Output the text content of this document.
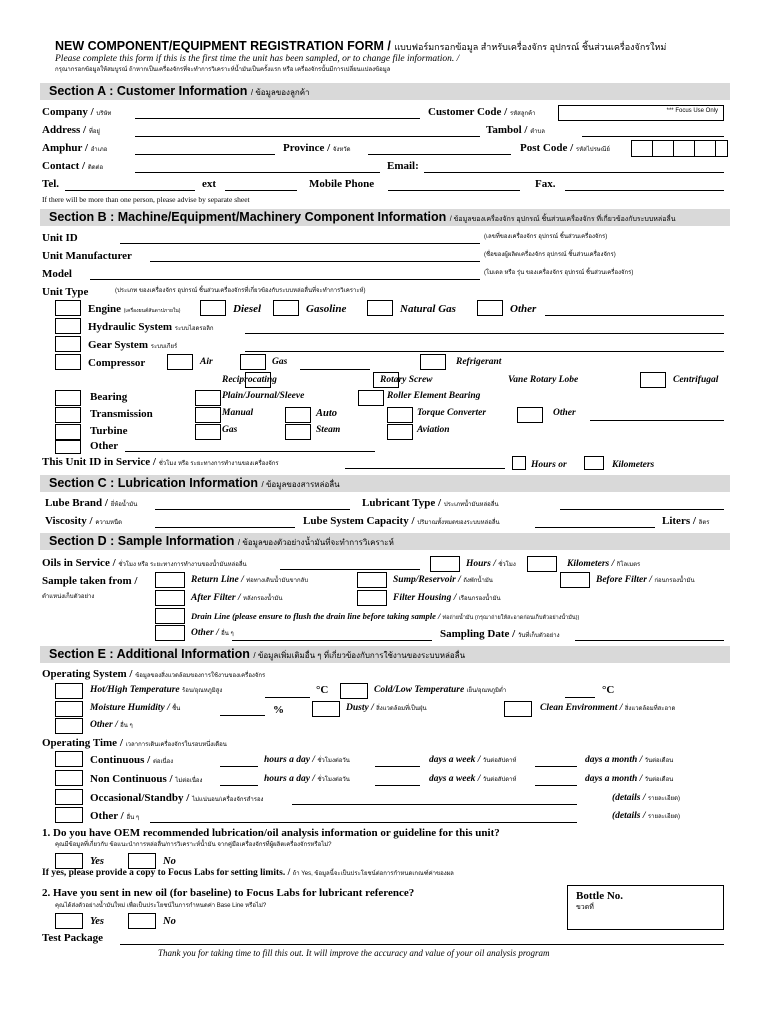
NEW COMPONENT/EQUIPMENT REGISTRATION FORM / แบบฟอร์มกรอกข้อมูล สำหรับเครื่องจักร อุปกรณ์ ชิ้นส่วนเครื่องจักรใหม่
Please complete this form if this is the first time the unit has been sampled, or to change file information. /
กรุณากรอกข้อมูลให้สมบูรณ์ ถ้าหากเป็นเครื่องจักรที่จะทำการวิเคราะห์น้ำมันเป็นครั้งแรก หรือ เครื่องจักรนั้นมีการเปลี่ยนแปลงข้อมูล
Section A : Customer Information / ข้อมูลของลูกค้า
Company / บริษัท	Customer Code / รหัสลูกค้า	*** Focus Use Only
Address / ที่อยู่	Tambol / ตำบล
Amphur / อำเภอ	Province / จังหวัด	Post Code / รหัสไปรษณีย์
Contact / ติดต่อ	Email:
Tel.	ext	Mobile Phone	Fax.
If there will be more than one person, please advise by separate sheet
Section B : Machine/Equipment/Machinery Component Information / ข้อมูลของเครื่องจักร อุปกรณ์ ชิ้นส่วนเครื่องจักร ที่เกี่ยวข้องกับระบบหล่อลื่น
Unit ID	(เลขที่ของเครื่องจักร อุปกรณ์ ชิ้นส่วนเครื่องจักร)
Unit Manufacturer	(ชื่อของผู้ผลิตเครื่องจักร อุปกรณ์ ชิ้นส่วนเครื่องจักร)
Model	(โมเดล หรือ รุ่น ของเครื่องจักร อุปกรณ์ ชิ้นส่วนเครื่องจักร)
Unit Type	(ประเภท ของเครื่องจักร อุปกรณ์ ชิ้นส่วนเครื่องจักรที่เกี่ยวข้องกับระบบหล่อลื่นที่จะทำการวิเคราะห์)
Engine (เครื่องยนต์สันดาปภายใน)	Diesel	Gasoline	Natural Gas	Other
Hydraulic System ระบบไฮดรอลิก
Gear System ระบบเกียร์
Compressor	Air	Gas	Refrigerant
Reciprocating	Rotary Screw	Vane Rotary Lobe	Centrifugal
Bearing	Plain/Journal/Sleeve	Roller Element Bearing
Transmission	Manual	Auto	Torque Converter	Other
Turbine	Gas	Steam	Aviation
Other
This Unit ID in Service / ชั่วโมง หรือ ระยะทางการทำงานของเครื่องจักร	Hours or	Kilometers
Section C : Lubrication Information / ข้อมูลของสารหล่อลื่น
Lube Brand / ยี่ห้อน้ำมัน	Lubricant Type / ประเภทน้ำมันหล่อลื่น
Viscosity / ความหนืด	Lube System Capacity / ปริมาณทั้งหมดของระบบหล่อลื่น	Liters / ลิตร
Section D : Sample Information / ข้อมูลของตัวอย่างน้ำมันที่จะทำการวิเคราะห์
Oils in Service / ชั่วโมง หรือ ระยะทางการทำงานของน้ำมันหล่อลื่น	Hours / ชั่วโมง	Kilometers / กิโลเมตร
Sample taken from /
ตำแหน่งเก็บตัวอย่าง
Return Line / ท่อทางเดินน้ำมันขากลับ	Sump/Reservoir / ถังพักน้ำมัน	Before Filter / ก่อนกรองน้ำมัน
After Filter / หลังกรองน้ำมัน	Filter Housing / เรือนกรองน้ำมัน
Drain Line (please ensure to flush the drain line before taking sample / ท่อถ่ายน้ำมัน (กรุณาถ่ายให้สะอาดก่อนเก็บตัวอย่างน้ำมัน))
Other / อื่น ๆ	Sampling Date / วันที่เก็บตัวอย่าง
Section E : Additional Information / ข้อมูลเพิ่มเติมอื่น ๆ ที่เกี่ยวข้องกับการใช้งานของระบบหล่อลื่น
Operating System / ข้อมูลของสิ่งแวดล้อมของการใช้งานของเครื่องจักร
Hot/High Temperature ร้อน/อุณหภูมิสูง	°C	Cold/Low Temperature เย็น/อุณหภูมิต่ำ	°C
Moisture Humidity / ชื้น	%	Dusty / สิ่งแวดล้อมที่เป็นฝุ่น	Clean Environment / สิ่งแวดล้อมที่สะอาด
Other / อื่น ๆ
Operating Time / เวลาการเดินเครื่องจักรในรอบหนึ่งเดือน
Continuous / ต่อเนื่อง	hours a day / ชั่วโมงต่อวัน	days a week / วันต่อสัปดาห์	days a month / วันต่อเดือน
Non Continuous / ไม่ต่อเนื่อง	hours a day / ชั่วโมงต่อวัน	days a week / วันต่อสัปดาห์	days a month / วันต่อเดือน
Occasional/Standby / ไม่แน่นอน/เครื่องจักรสำรอง	(details / รายละเอียด)
Other / อื่น ๆ	(details / รายละเอียด)
1. Do you have OEM recommended lubrication/oil analysis information or guideline for this unit?
คุณมีข้อมูลที่เกี่ยวกับ ข้อแนะนำการหล่อลื่น/การวิเคราะห์น้ำมัน จากคู่มือเครื่องจักรที่ผู้ผลิตเครื่องจักรหรือไม่?
Yes	No
If yes, please provide a copy to Focus Labs for setting limits. / ถ้า Yes, ข้อมูลนี้จะเป็นประโยชน์ต่อการกำหนดเกณฑ์ค่าของผล
2. Have you sent in new oil (for baseline) to Focus Labs for lubricant reference?
คุณได้ส่งตัวอย่างน้ำมันใหม่ เพื่อเป็นประโยชน์ในการกำหนดค่า Base Line หรือไม่?
Bottle No.
ขวดที่
Yes	No
Test Package
Thank you for taking time to fill this out. It will improve the accuracy and value of your oil analysis program
